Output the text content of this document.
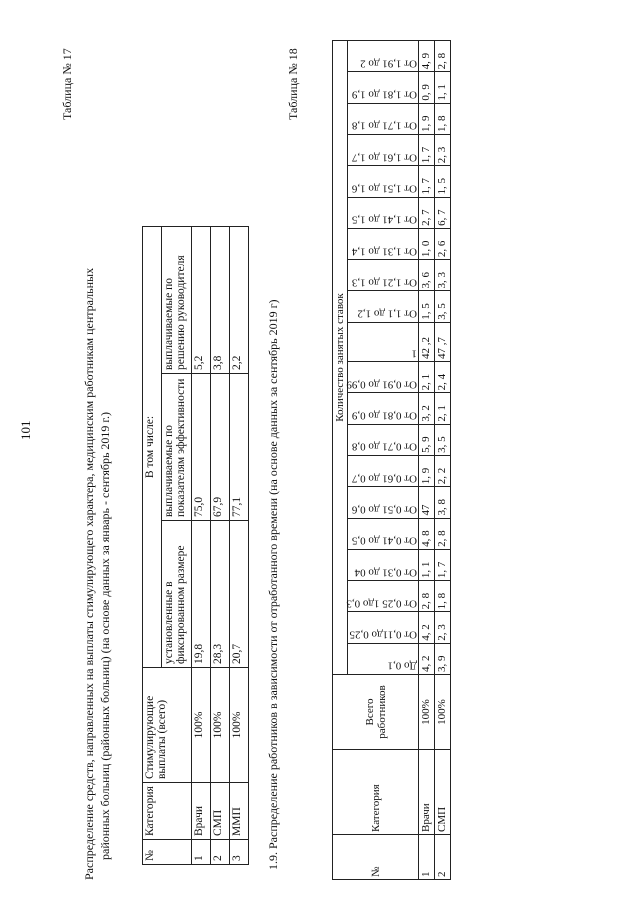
101
Таблица № 17
Распределение средств, направленных на выплаты стимулирующего характера, медицинским работникам центральных районных больниц (районных больниц) (на основе данных за январь - сентябрь 2019 г.)	№	Категория	Стимулирующие выплаты (всего)	В том числе:		
			установленные в фиксированном размере	выплачиваемые по показателям эффективности	выплачиваемые по решению руководителя
1	Врачи	100%	19,8	75,0	5,2
2	СМП	100%	28,3	67,9	3,8
3	ММП	100%	20,7	77,1	2,2 1.9. Распределение работников в зависимости от отработанного времени (на основе данных за сентябрь 2019 г)
Таблица № 18
№	Категория	Всего работников	Количество занятых ставок																			
			До 0,1	От 0,11до 0,25	От 0,25 1до 0,3	От 0,31 до 04	От 0,41 до 0,5	От 0,51 до 0,6	От 0,61 до 0,7	От 0,71 до 0,8	От 0,81 до 0,9	От 0,91 до 0,99	1	От 1,1 до 1,2	От 1,21 до 1,3	От 1,31 до 1,4	От 1,41 до 1,5	От 1,51 до 1,6	От 1,61 до 1,7	От 1,71 до 1,8	От 1,81 до 1,9	От 1,91 до 2
1	Врачи	100%	4, 2	4, 2	2, 8	1, 1	4, 8	47	1, 9	5, 9	3, 2	2, 1	42 ,2	1, 5	3, 6	1, 0	2, 7	1, 7	1, 7	1, 9	0, 9	4, 9
2	СМП	100%	3, 9	2, 3	1, 8	1, 7	2, 8	3, 8	2, 2	3, 5	2, 1	2, 4	47 ,7	3, 5	3, 3	2, 6	6, 7	1, 5	2, 3	1, 8	1, 1	2, 8
